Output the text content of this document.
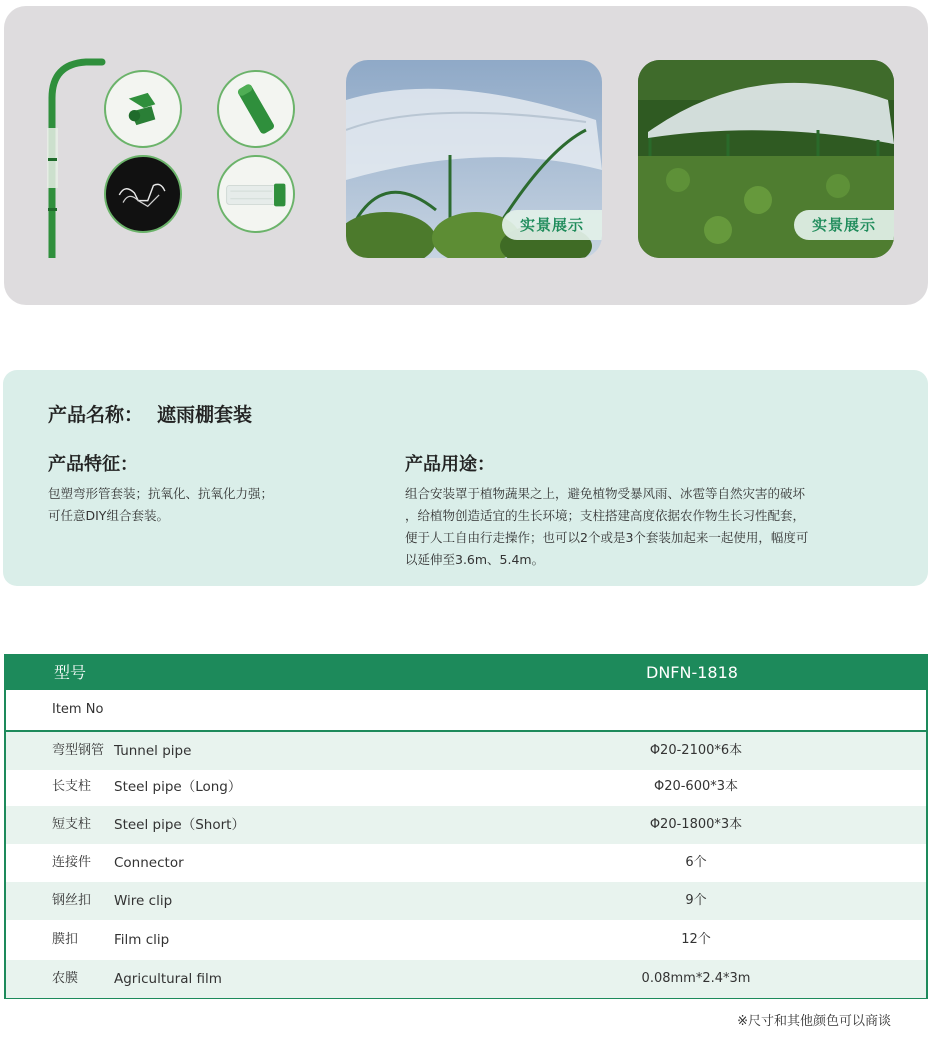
实景展示	实景展示
产品名称： 遮雨棚套装
产品特征：
包塑弯形管套装；抗氧化、抗氧化力强；
可任意DIY组合套装。
产品用途：
组合安装罩于植物蔬果之上，避免植物受暴风雨、冰雹等自然灾害的破坏
，给植物创造适宜的生长环境；支柱搭建高度依据农作物生长习性配套，
便于人工自由行走操作；也可以2个或是3个套装加起来一起使用，幅度可
以延伸至3.6m、5.4m。
型号	DNFN-1818
Item No
弯型钢管 Tunnel pipe	Φ20-2100*6本
长支柱 Steel pipe（Long）	Φ20-600*3本
短支柱 Steel pipe（Short）	Φ20-1800*3本
连接件 Connector	6个
钢丝扣 Wire clip	9个
膜扣	Film clip	12个
农膜	Agricultural film	0.08mm*2.4*3m
※尺寸和其他颜色可以商谈
